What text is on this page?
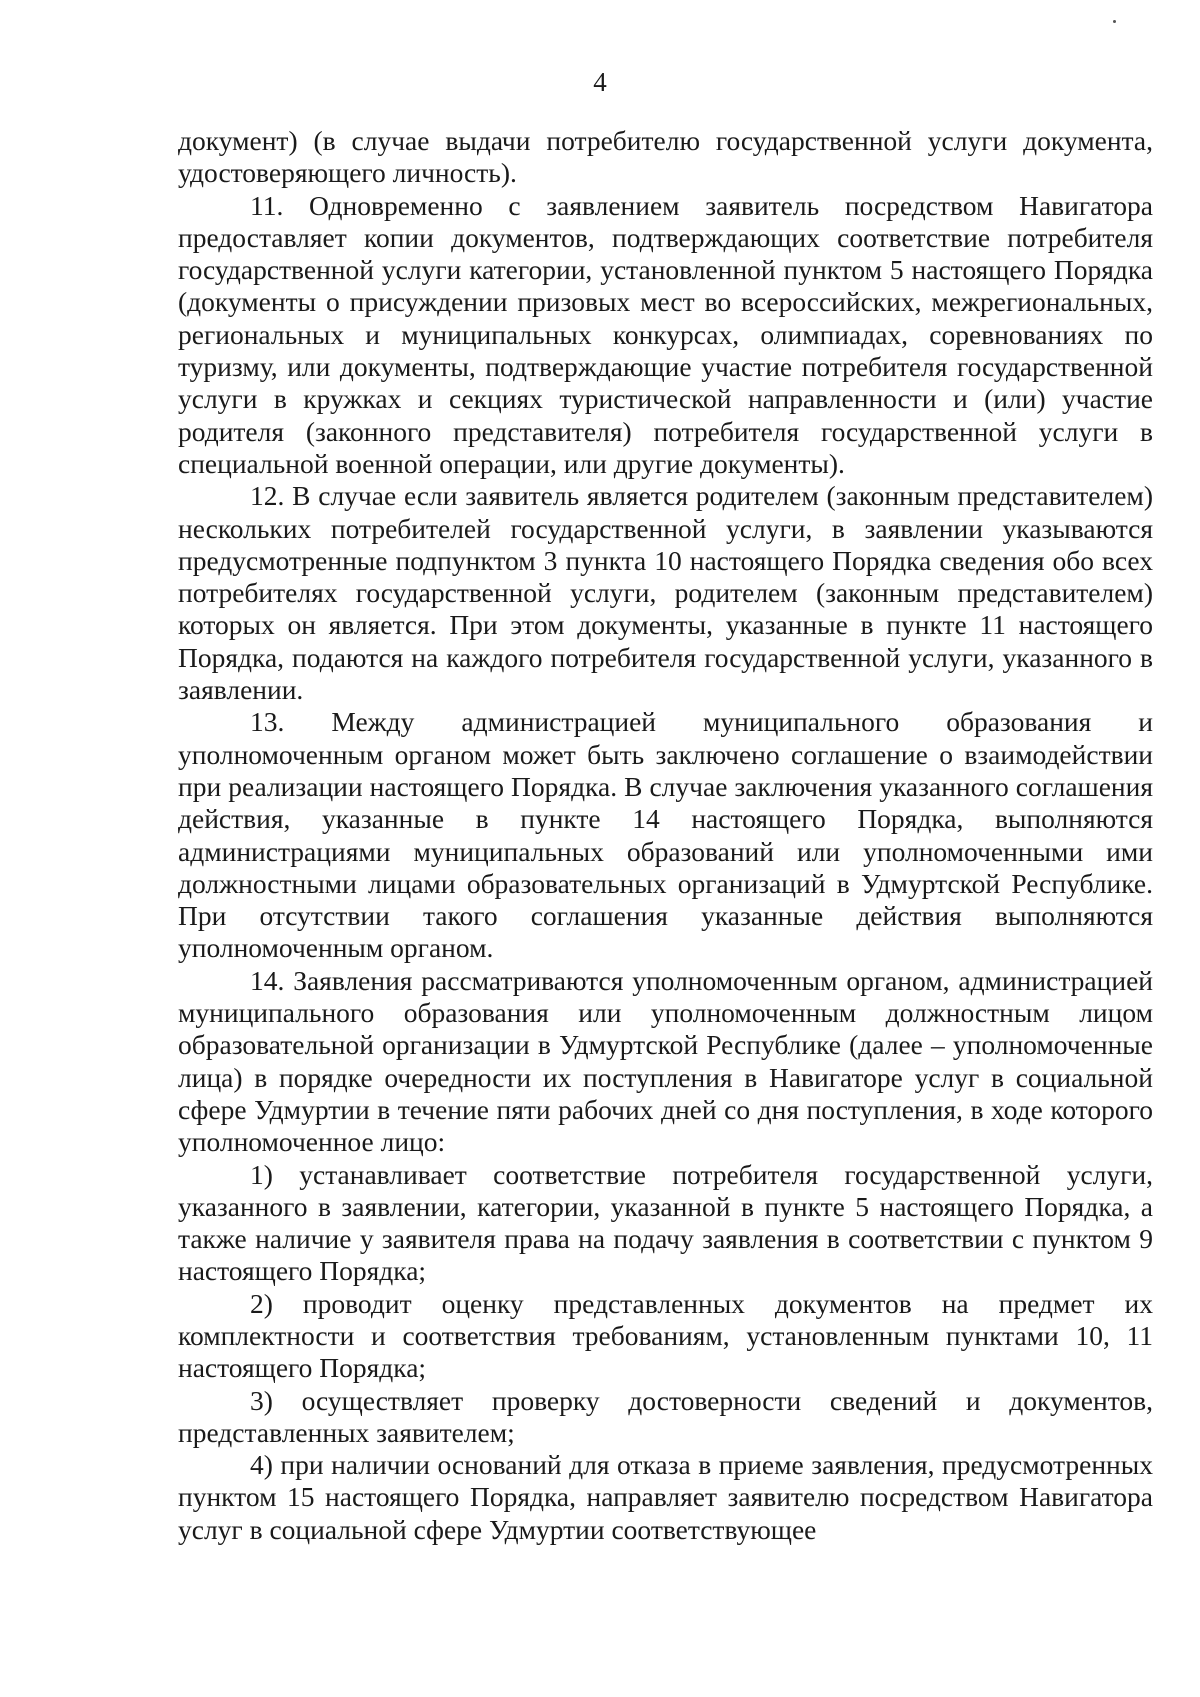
4

документ) (в случае выдачи потребителю государственной услуги документа, удостоверяющего личность).

11. Одновременно с заявлением заявитель посредством Навигатора предоставляет копии документов, подтверждающих соответствие потребителя государственной услуги категории, установленной пунктом 5 настоящего Порядка (документы о присуждении призовых мест во всероссийских, межрегиональных, региональных и муниципальных конкурсах, олимпиадах, соревнованиях по туризму, или документы, подтверждающие участие потребителя государственной услуги в кружках и секциях туристической направленности и (или) участие родителя (законного представителя) потребителя государственной услуги в специальной военной операции, или другие документы).

12. В случае если заявитель является родителем (законным представителем) нескольких потребителей государственной услуги, в заявлении указываются предусмотренные подпунктом 3 пункта 10 настоящего Порядка сведения обо всех потребителях государственной услуги, родителем (законным представителем) которых он является. При этом документы, указанные в пункте 11 настоящего Порядка, подаются на каждого потребителя государственной услуги, указанного в заявлении.

13. Между администрацией муниципального образования и уполномоченным органом может быть заключено соглашение о взаимодействии при реализации настоящего Порядка. В случае заключения указанного соглашения действия, указанные в пункте 14 настоящего Порядка, выполняются администрациями муниципальных образований или уполномоченными ими должностными лицами образовательных организаций в Удмуртской Республике. При отсутствии такого соглашения указанные действия выполняются уполномоченным органом.

14. Заявления рассматриваются уполномоченным органом, администрацией муниципального образования или уполномоченным должностным лицом образовательной организации в Удмуртской Республике (далее – уполномоченные лица) в порядке очередности их поступления в Навигаторе услуг в социальной сфере Удмуртии в течение пяти рабочих дней со дня поступления, в ходе которого уполномоченное лицо:

1) устанавливает соответствие потребителя государственной услуги, указанного в заявлении, категории, указанной в пункте 5 настоящего Порядка, а также наличие у заявителя права на подачу заявления в соответствии с пунктом 9 настоящего Порядка;

2) проводит оценку представленных документов на предмет их комплектности и соответствия требованиям, установленным пунктами 10, 11 настоящего Порядка;

3) осуществляет проверку достоверности сведений и документов, представленных заявителем;

4) при наличии оснований для отказа в приеме заявления, предусмотренных пунктом 15 настоящего Порядка, направляет заявителю посредством Навигатора услуг в социальной сфере Удмуртии соответствующее
